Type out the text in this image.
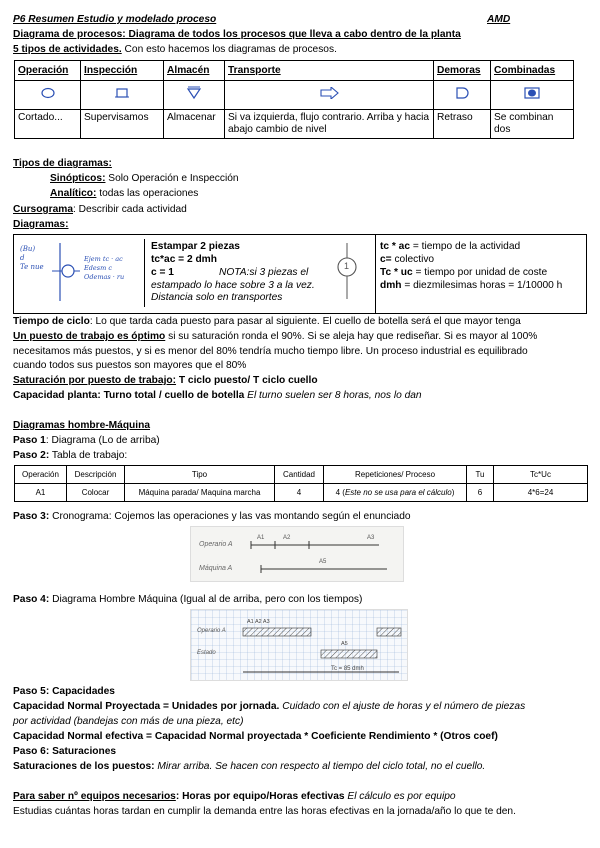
P6 Resumen Estudio y modelado proceso	AMD
Diagrama de procesos: Diagrama de todos los procesos que lleva a cabo dentro de la planta
5 tipos de actividades. Con esto hacemos los diagramas de procesos.
Operación	Inspección	Almacén	Transporte	Demoras	Combinadas

Cortado...	Supervisamos	Almacenar	Si va izquierda, flujo contrario. Arriba y hacia abajo cambio de nivel	Retraso	Se combinan dos
Tipos de diagramas:
Sinópticos: Solo Operación e Inspección
Analítico: todas las operaciones
Cursograma: Describir cada actividad
Diagramas:
(Bu)
d
Te nue
Ejem tc · ac
Edesm c
Odemas · ru
Estampar 2 piezas
tc*ac = 2 dmh
c = 1	NOTA:si 3 piezas el estampado lo hace sobre 3 a la vez. Distancia solo en transportes
1
tc * ac = tiempo de la actividad
c= colectivo
Tc * uc = tiempo por unidad de coste
dmh = diezmilesimas horas = 1/10000 h
Tiempo de ciclo: Lo que tarda cada puesto para pasar al siguiente. El cuello de botella será el que mayor tenga
Un puesto de trabajo es óptimo si su saturación ronda el 90%. Si se aleja hay que rediseñar. Si es mayor al 100%
necesitamos más puestos, y si es menor del 80% tendría mucho tiempo libre. Un proceso industrial es equilibrado
cuando todos sus puestos son mayores que el 80%
Saturación por puesto de trabajo: T ciclo puesto/ T ciclo cuello
Capacidad planta: Turno total / cuello de botella El turno suelen ser 8 horas, nos lo dan
Diagramas hombre-Máquina
Paso 1: Diagrama (Lo de arriba)
Paso 2: Tabla de trabajo:
Operación	Descripción	Tipo	Cantidad	Repeticiones/ Proceso	Tu	Tc*Uc
A1	Colocar	Máquina parada/ Maquina marcha	4	4 (Este no se usa para el cálculo)	6	4*6=24
Paso 3: Cronograma: Cojemos las operaciones y las vas montando según el enunciado
Operario A
Máquina A
A1	A2	A3
A5
Paso 4: Diagrama Hombre Máquina (Igual al de arriba, pero con los tiempos)
Operario A
Estado
A1 A2 A3
A5
Tc = 85 dmh
Paso 5: Capacidades
Capacidad Normal Proyectada = Unidades por jornada. Cuidado con el ajuste de horas y el número de piezas
por actividad (bandejas con más de una pieza, etc)
Capacidad Normal efectiva = Capacidad Normal proyectada * Coeficiente Rendimiento * (Otros coef)
Paso 6: Saturaciones
Saturaciones de los puestos: Mirar arriba. Se hacen con respecto al tiempo del ciclo total, no el cuello.
Para saber nº equipos necesarios: Horas por equipo/Horas efectivas El cálculo es por equipo
Estudias cuántas horas tardan en cumplir la demanda entre las horas efectivas en la jornada/año lo que te den.
